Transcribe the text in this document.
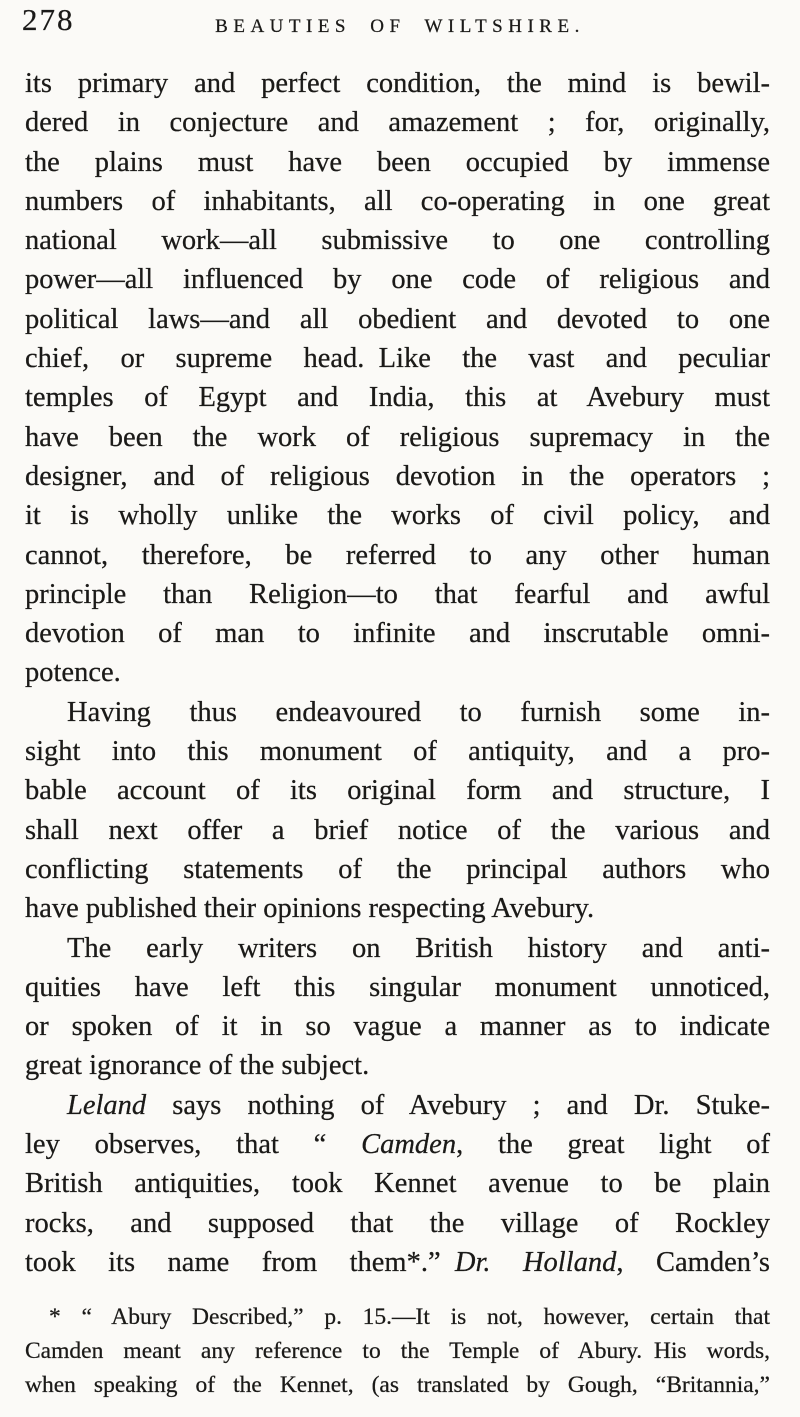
278	BEAUTIES OF WILTSHIRE.
its primary and perfect condition, the mind is bewil-
dered in conjecture and amazement ; for, originally,
the plains must have been occupied by immense
numbers of inhabitants, all co-operating in one great
national work—all submissive to one controlling
power—all influenced by one code of religious and
political laws—and all obedient and devoted to one
chief, or supreme head. Like the vast and peculiar
temples of Egypt and India, this at Avebury must
have been the work of religious supremacy in the
designer, and of religious devotion in the operators ;
it is wholly unlike the works of civil policy, and
cannot, therefore, be referred to any other human
principle than Religion—to that fearful and awful
devotion of man to infinite and inscrutable omni-
potence.
Having thus endeavoured to furnish some in-
sight into this monument of antiquity, and a pro-
bable account of its original form and structure, I
shall next offer a brief notice of the various and
conflicting statements of the principal authors who
have published their opinions respecting Avebury.
The early writers on British history and anti-
quities have left this singular monument unnoticed,
or spoken of it in so vague a manner as to indicate
great ignorance of the subject.
Leland says nothing of Avebury ; and Dr. Stuke-
ley observes, that “ Camden, the great light of
British antiquities, took Kennet avenue to be plain
rocks, and supposed that the village of Rockley
took its name from them*.” Dr. Holland, Camden’s
* “ Abury Described,” p. 15.—It is not, however, certain that
Camden meant any reference to the Temple of Abury. His words,
when speaking of the Kennet, (as translated by Gough, “Britannia,”
